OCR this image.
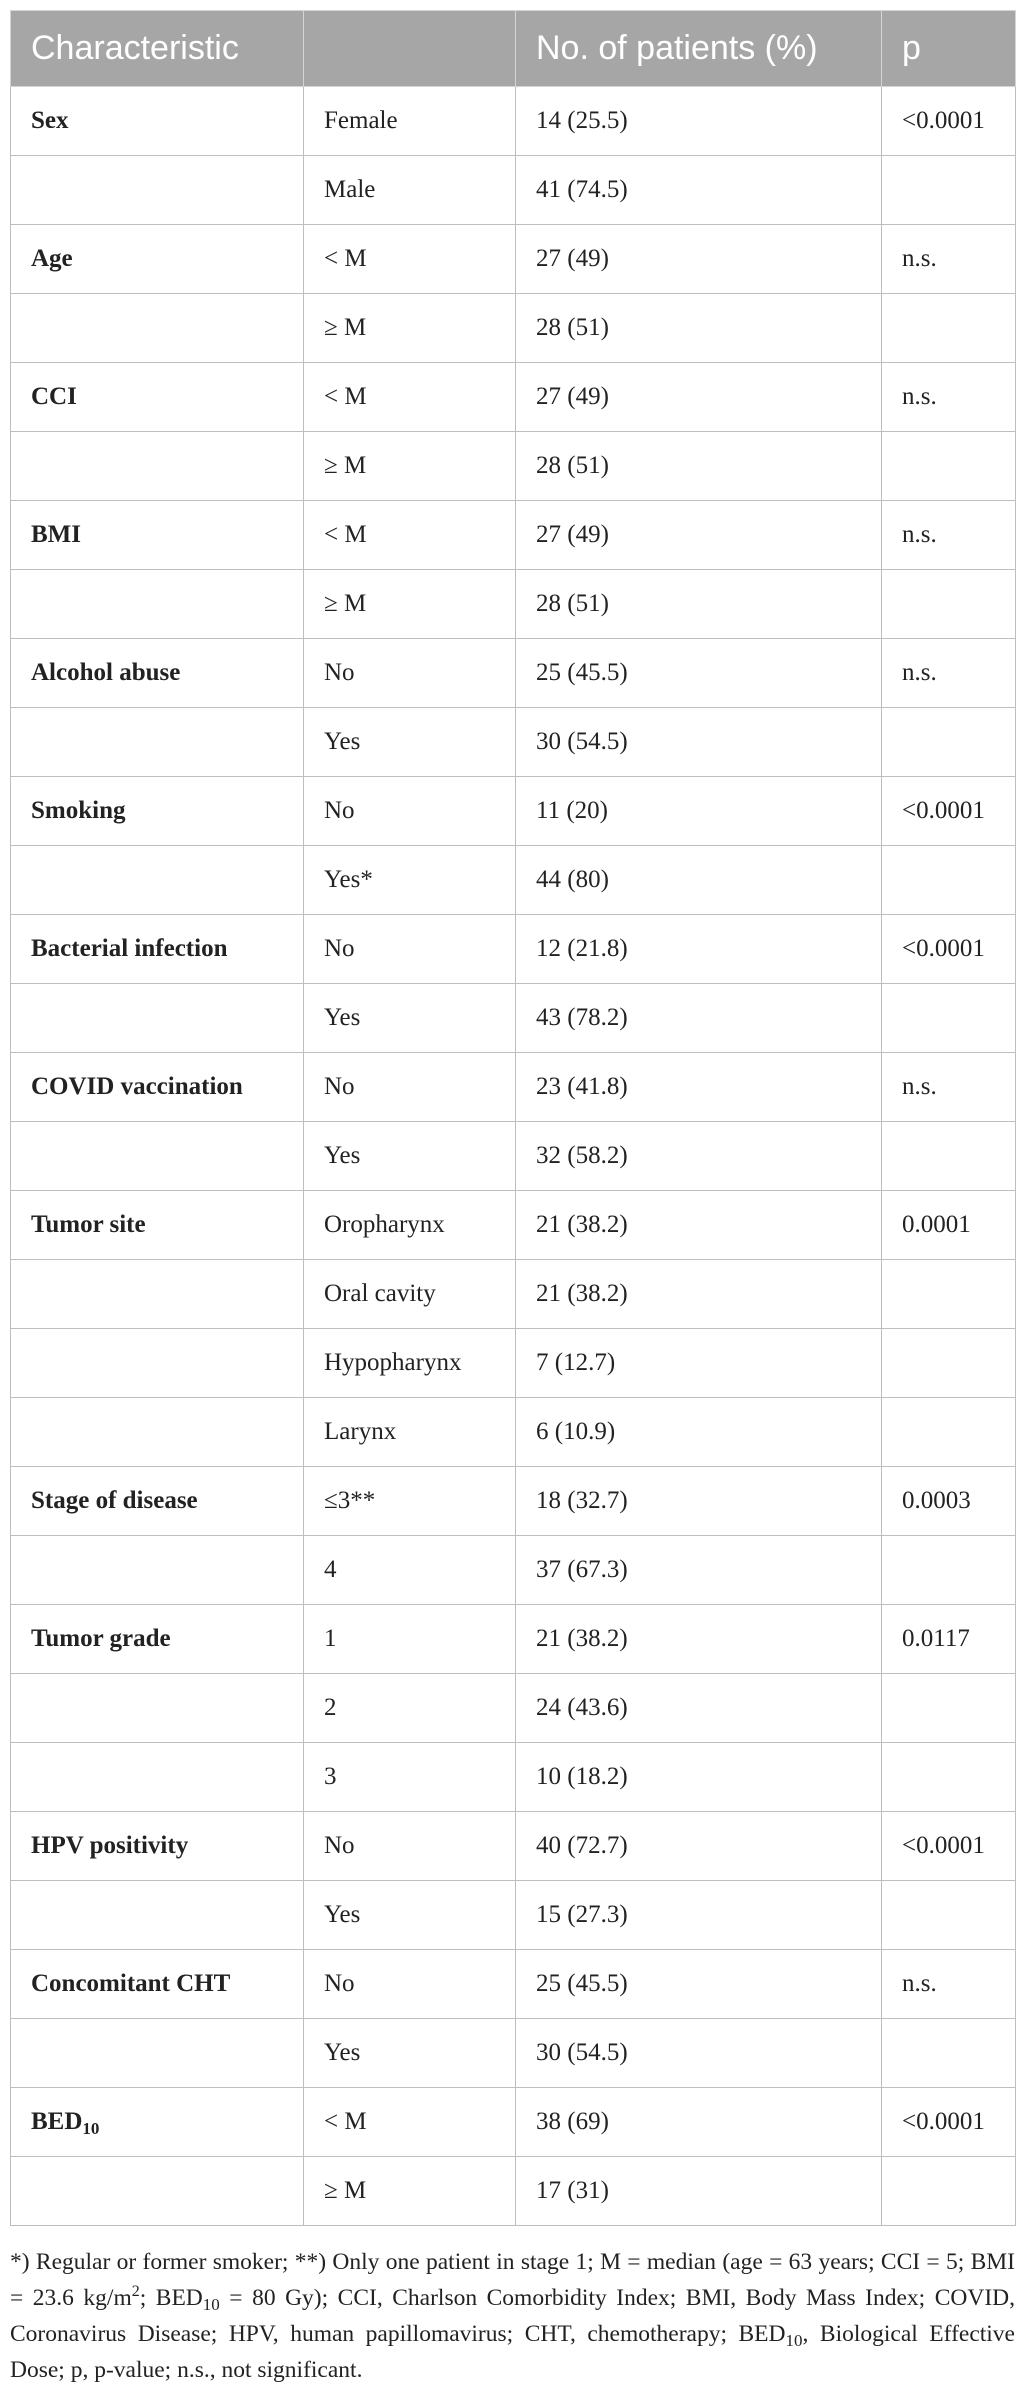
Characteristic		No. of patients (%)	p
Sex	Female	14 (25.5)	<0.0001
	Male	41 (74.5)	
Age	< M	27 (49)	n.s.
	≥ M	28 (51)	
CCI	< M	27 (49)	n.s.
	≥ M	28 (51)	
BMI	< M	27 (49)	n.s.
	≥ M	28 (51)	
Alcohol abuse	No	25 (45.5)	n.s.
	Yes	30 (54.5)	
Smoking	No	11 (20)	<0.0001
	Yes*	44 (80)	
Bacterial infection	No	12 (21.8)	<0.0001
	Yes	43 (78.2)	
COVID vaccination	No	23 (41.8)	n.s.
	Yes	32 (58.2)	
Tumor site	Oropharynx	21 (38.2)	0.0001
	Oral cavity	21 (38.2)	
	Hypopharynx	7 (12.7)	
	Larynx	6 (10.9)	
Stage of disease	≤3**	18 (32.7)	0.0003
	4	37 (67.3)	
Tumor grade	1	21 (38.2)	0.0117
	2	24 (43.6)	
	3	10 (18.2)	
HPV positivity	No	40 (72.7)	<0.0001
	Yes	15 (27.3)	
Concomitant CHT	No	25 (45.5)	n.s.
	Yes	30 (54.5)	
$BED_{10}$	< M	38 (69)	<0.0001
	≥ M	17 (31)	
*) Regular or former smoker; **) Only one patient in stage 1; M = median (age = 63 years; CCI = 5; BMI = 23.6 $kg/m^2$; $BED_{10} = 80$ Gy); CCI, Charlson Comorbidity Index; BMI, Body Mass Index; COVID, Coronavirus Disease; HPV, human papillomavirus; CHT, chemotherapy; $BED_{10}$, Biological Effective Dose; p, p-value; n.s., not significant.
